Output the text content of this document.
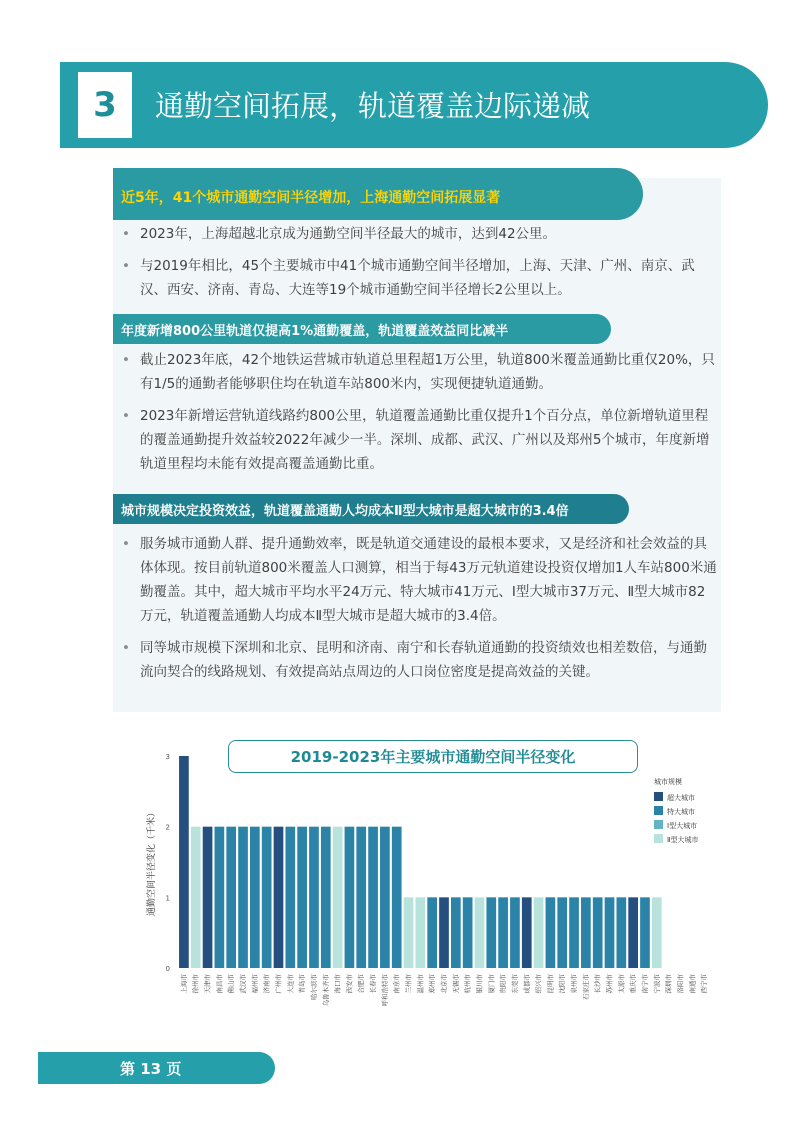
3	通勤空间拓展，轨道覆盖边际递减
近5年，41个城市通勤空间半径增加，上海通勤空间拓展显著
• 2023年，上海超越北京成为通勤空间半径最大的城市，达到42公里。
• 与2019年相比，45个主要城市中41个城市通勤空间半径增加，上海、天津、广州、南京、武汉、西安、济南、青岛、大连等19个城市通勤空间半径增长2公里以上。
年度新增800公里轨道仅提高1%通勤覆盖，轨道覆盖效益同比减半
• 截止2023年底，42个地铁运营城市轨道总里程超1万公里，轨道800米覆盖通勤比重仅20%，只有1/5的通勤者能够职住均在轨道车站800米内，实现便捷轨道通勤。
• 2023年新增运营轨道线路约800公里，轨道覆盖通勤比重仅提升1个百分点，单位新增轨道里程的覆盖通勤提升效益较2022年减少一半。深圳、成都、武汉、广州以及郑州5个城市，年度新增轨道里程均未能有效提高覆盖通勤比重。
城市规模决定投资效益，轨道覆盖通勤人均成本Ⅱ型大城市是超大城市的3.4倍
• 服务城市通勤人群、提升通勤效率，既是轨道交通建设的最根本要求，又是经济和社会效益的具体体现。按目前轨道800米覆盖人口测算，相当于每43万元轨道建设投资仅增加1人车站800米通勤覆盖。其中，超大城市平均水平24万元、特大城市41万元、Ⅰ型大城市37万元、Ⅱ型大城市82万元，轨道覆盖通勤人均成本Ⅱ型大城市是超大城市的3.4倍。
• 同等城市规模下深圳和北京、昆明和济南、南宁和长春轨道通勤的投资绩效也相差数倍，与通勤流向契合的线路规划、有效提高站点周边的人口岗位密度是提高效益的关键。
0
1
2
3
通勤空间半径变化（千米）
上海市 徐州市 天津市 南昌市 佛山市 武汉市 福州市 济南市 广州市 大连市 青岛市 哈尔滨市 乌鲁木齐市 海口市 西安市 合肥市 长春市 呼和浩特市 南京市 兰州市 温州市 郑州市 北京市 无锡市 杭州市 银川市 厦门市 贵阳市 东莞市 成都市 绍兴市 昆明市 沈阳市 泉州市 石家庄市 长沙市 苏州市 太原市 重庆市 南宁市 宁波市 深圳市 洛阳市 南通市 西宁市
城市规模
超大城市
特大城市
Ⅰ型大城市
Ⅱ型大城市
2019-2023年主要城市通勤空间半径变化
第 13 页
